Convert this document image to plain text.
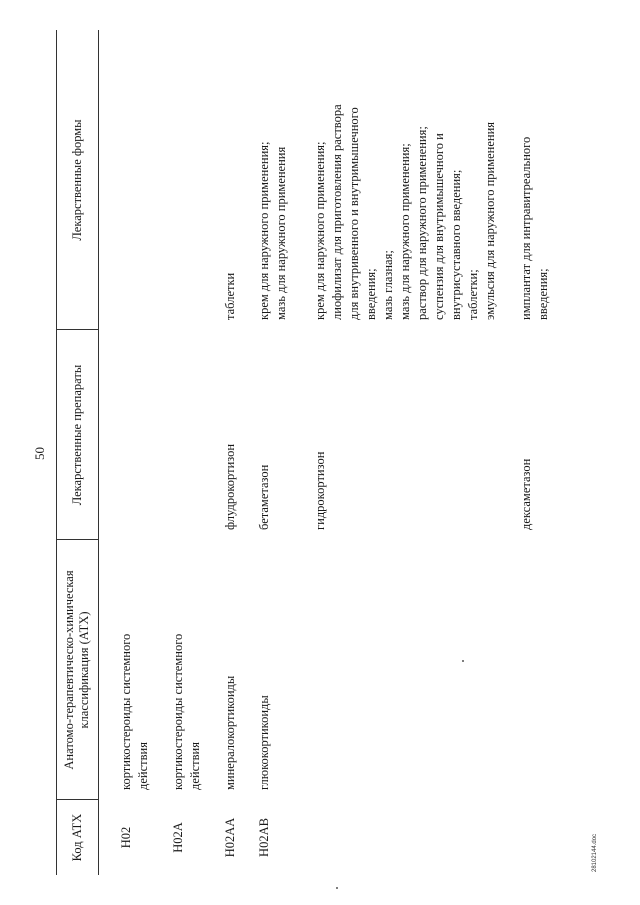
50
Код АТХ
Анатомо-терапевтическо-химическая классификация (АТХ)
Лекарственные препараты
Лекарственные формы
H02
кортикостероиды системного действия
H02A
кортикостероиды системного действия
H02AA
минералокортикоиды
флудрокортизон
таблетки
H02AB
глюкокортикоиды
бетаметазон
крем для наружного применения; мазь для наружного применения
гидрокортизон
крем для наружного применения; лиофилизат для приготовления раствора для внутривенного и внутримышечного введения; мазь глазная; мазь для наружного применения; раствор для наружного применения; суспензия для внутримышечного и внутрисуставного введения; таблетки; эмульсия для наружного применения
дексаметазон
имплантат для интравитреального введения;
28102144.doc
